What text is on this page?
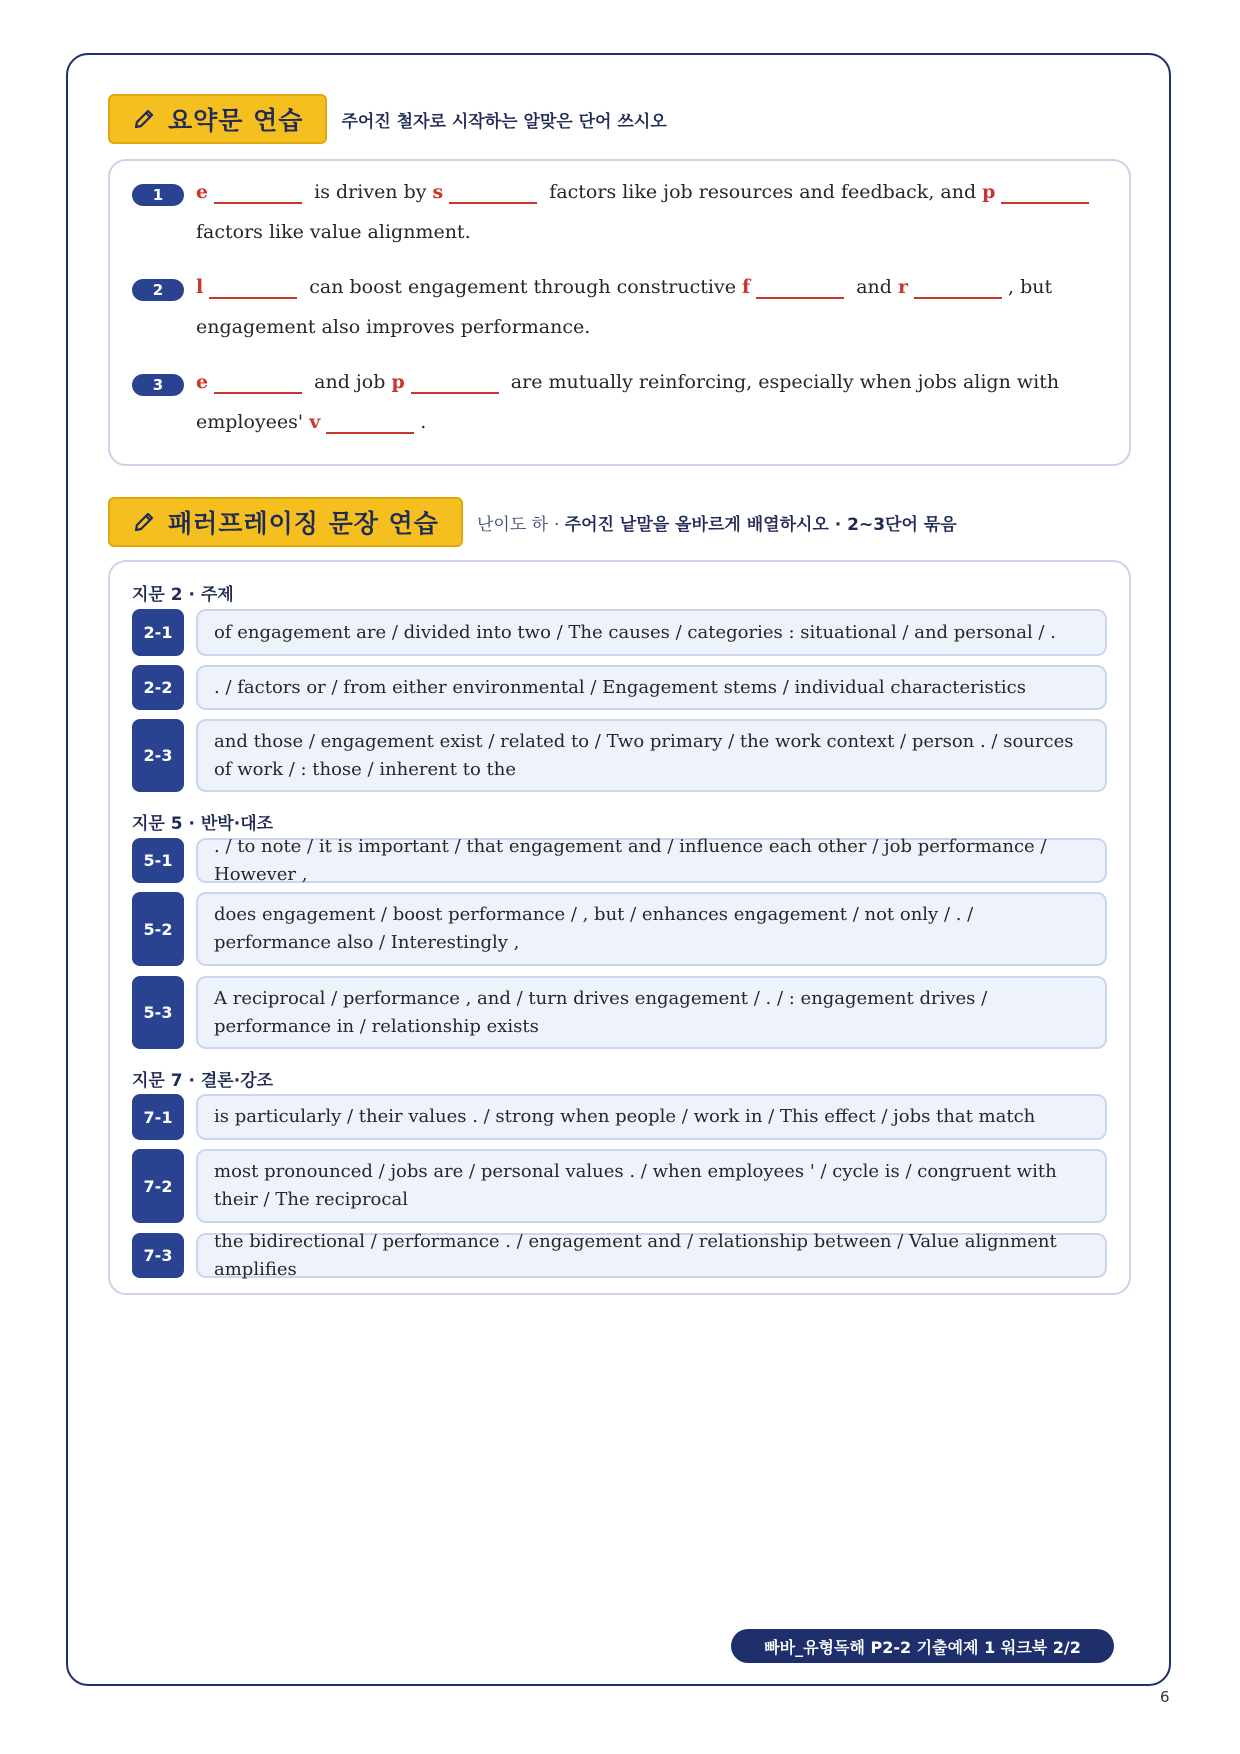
요약문 연습 주어진 철자로 시작하는 알맞은 단어 쓰시오
1	e	is driven by s	factors like job resources and feedback, and p factors like value alignment.
2	l	can boost engagement through constructive f	and r	, but engagement also improves performance.
3	e	and job p	are mutually reinforcing, especially when jobs align with employees' v	.
패러프레이징 문장 연습 난이도 하 · 주어진 낱말을 올바르게 배열하시오 · 2~3단어 묶음
지문 2 · 주제
2-1	of engagement are / divided into two / The causes / categories : situational / and personal / .
2-2	. / factors or / from either environmental / Engagement stems / individual characteristics
2-3
and those / engagement exist / related to / Two primary / the work context / person . / sources of work / : those / inherent to the
지문 5 · 반박·대조
5-1
. / to note / it is important / that engagement and / influence each other / job performance / However ,
5-2
does engagement / boost performance / , but / enhances engagement / not only / . / performance also / Interestingly ,
5-3
A reciprocal / performance , and / turn drives engagement / . / : engagement drives / performance in / relationship exists
지문 7 · 결론·강조
7-1	is particularly / their values . / strong when people / work in / This effect / jobs that match
7-2
most pronounced / jobs are / personal values . / when employees ' / cycle is / congruent with their / The reciprocal
7-3
the bidirectional / performance . / engagement and / relationship between / Value alignment amplifies
빠바_유형독해 P2-2 기출예제 1 워크북 2/2
6
